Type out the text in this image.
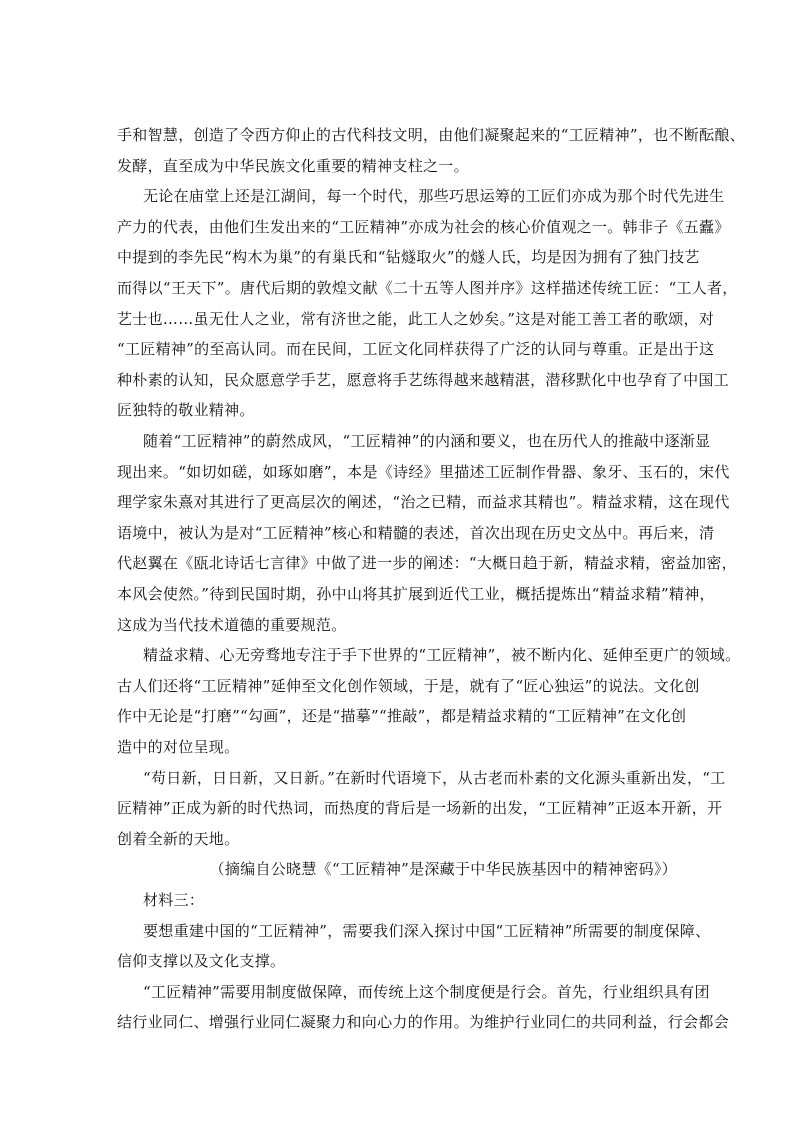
手和智慧，创造了令西方仰止的古代科技文明，由他们凝聚起来的“工匠精神”，也不断酝酿、
发酵，直至成为中华民族文化重要的精神支柱之一。
无论在庙堂上还是江湖间，每一个时代，那些巧思运筹的工匠们亦成为那个时代先进生
产力的代表，由他们生发出来的“工匠精神”亦成为社会的核心价值观之一。韩非子《五蠹》
中提到的李先民“构木为巢”的有巢氏和“钻燧取火”的燧人氏，均是因为拥有了独门技艺
而得以“王天下”。唐代后期的敦煌文献《二十五等人图并序》这样描述传统工匠：“工人者，
艺士也……虽无仕人之业，常有济世之能，此工人之妙矣。”这是对能工善工者的歌颂，对
“工匠精神”的至高认同。而在民间，工匠文化同样获得了广泛的认同与尊重。正是出于这
种朴素的认知，民众愿意学手艺，愿意将手艺练得越来越精湛，潜移默化中也孕育了中国工
匠独特的敬业精神。
随着“工匠精神”的蔚然成风，“工匠精神”的内涵和要义，也在历代人的推敲中逐渐显
现出来。“如切如磋，如琢如磨”，本是《诗经》里描述工匠制作骨器、象牙、玉石的，宋代
理学家朱熹对其进行了更高层次的阐述，“治之已精，而益求其精也”。精益求精，这在现代
语境中，被认为是对“工匠精神”核心和精髓的表述，首次出现在历史文丛中。再后来，清
代赵翼在《瓯北诗话七言律》中做了进一步的阐述：“大概日趋于新，精益求精，密益加密，
本风会使然。”待到民国时期，孙中山将其扩展到近代工业，概括提炼出“精益求精”精神，
这成为当代技术道德的重要规范。
精益求精、心无旁骛地专注于手下世界的“工匠精神”，被不断内化、延伸至更广的领域。
古人们还将“工匠精神”延伸至文化创作领域，于是，就有了“匠心独运”的说法。文化创
作中无论是“打磨”“勾画”，还是“描摹”“推敲”，都是精益求精的“工匠精神”在文化创
造中的对位呈现。
“苟日新，日日新，又日新。”在新时代语境下，从古老而朴素的文化源头重新出发，“工
匠精神”正成为新的时代热词，而热度的背后是一场新的出发，“工匠精神”正返本开新，开
创着全新的天地。
（摘编自公晓慧《“工匠精神”是深藏于中华民族基因中的精神密码》）
材料三：
要想重建中国的“工匠精神”，需要我们深入探讨中国“工匠精神”所需要的制度保障、
信仰支撑以及文化支撑。
“工匠精神”需要用制度做保障，而传统上这个制度便是行会。首先，行业组织具有团
结行业同仁、增强行业同仁凝聚力和向心力的作用。为维护行业同仁的共同利益，行会都会
